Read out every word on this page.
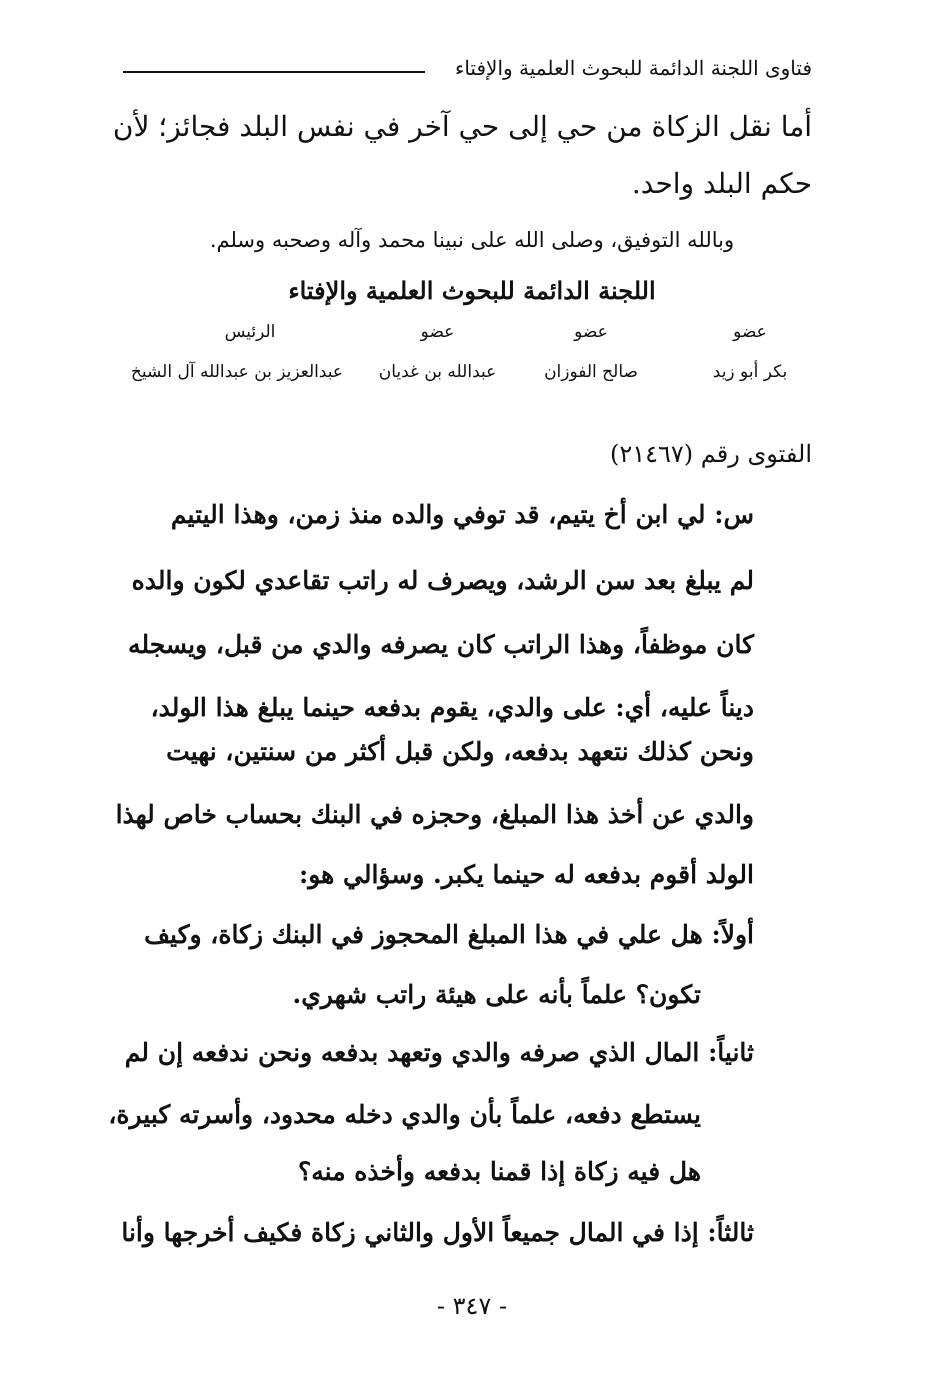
فتاوى اللجنة الدائمة للبحوث العلمية والإفتاء
أما نقل الزكاة من حي إلى حي آخر في نفس البلد فجائز؛ لأن
حكم البلد واحد.
وبالله التوفيق، وصلى الله على نبينا محمد وآله وصحبه وسلم.
اللجنة الدائمة للبحوث العلمية والإفتاء
عضو
عضو
عضو
الرئيس
بكر أبو زيد
صالح الفوزان
عبدالله بن غديان
عبدالعزيز بن عبدالله آل الشيخ
الفتوى رقم (٢١٤٦٧)
س: لي ابن أخ يتيم، قد توفي والده منذ زمن، وهذا اليتيم
لم يبلغ بعد سن الرشد، ويصرف له راتب تقاعدي لكون والده
كان موظفاً، وهذا الراتب كان يصرفه والدي من قبل، ويسجله
ديناً عليه، أي: على والدي، يقوم بدفعه حينما يبلغ هذا الولد،
ونحن كذلك نتعهد بدفعه، ولكن قبل أكثر من سنتين، نهيت
والدي عن أخذ هذا المبلغ، وحجزه في البنك بحساب خاص لهذا
الولد أقوم بدفعه له حينما يكبر. وسؤالي هو:
أولاً: هل علي في هذا المبلغ المحجوز في البنك زكاة، وكيف
تكون؟ علماً بأنه على هيئة راتب شهري.
ثانياً: المال الذي صرفه والدي وتعهد بدفعه ونحن ندفعه إن لم
يستطع دفعه، علماً بأن والدي دخله محدود، وأسرته كبيرة،
هل فيه زكاة إذا قمنا بدفعه وأخذه منه؟
ثالثاً: إذا في المال جميعاً الأول والثاني زكاة فكيف أخرجها وأنا
- ٣٤٧ -
